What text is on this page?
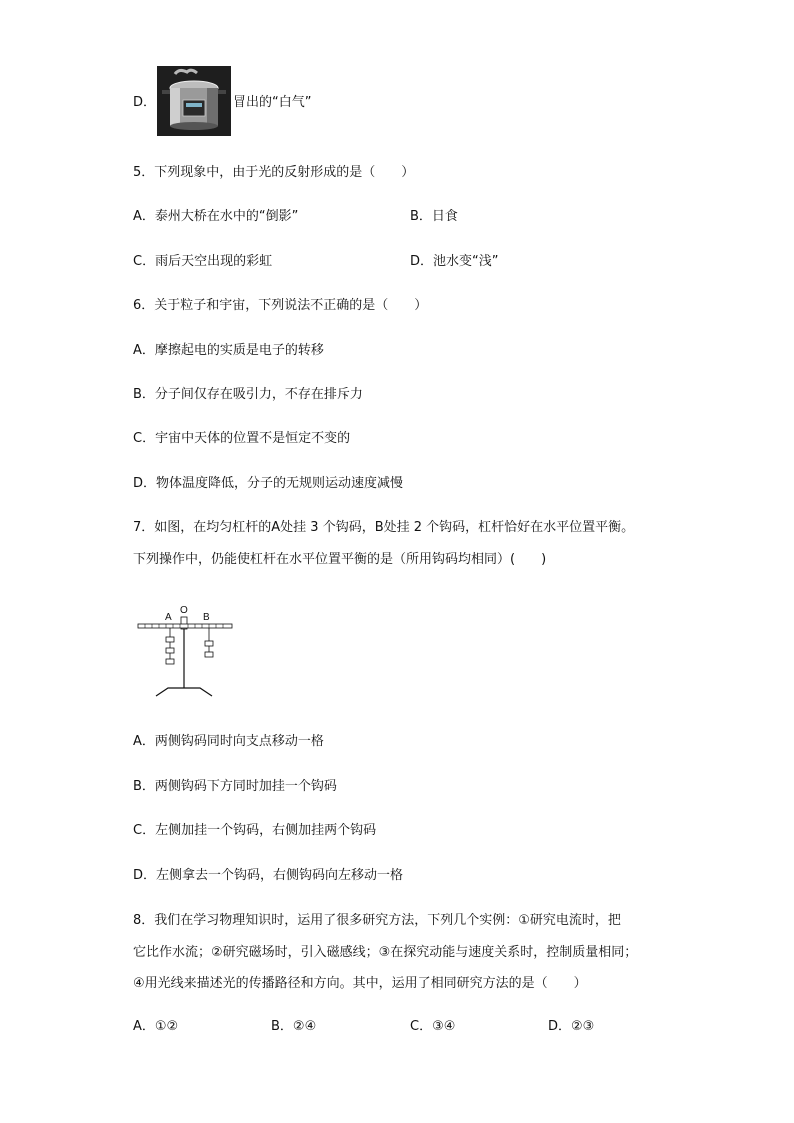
D．	冒出的“白气”
5．下列现象中，由于光的反射形成的是（　　）
A．泰州大桥在水中的“倒影”	B．日食
C．雨后天空出现的彩虹	D．池水变“浅”
6．关于粒子和宇宙，下列说法不正确的是（　　）
A．摩擦起电的实质是电子的转移
B．分子间仅存在吸引力，不存在排斥力
C．宇宙中天体的位置不是恒定不变的
D．物体温度降低，分子的无规则运动速度减慢
7．如图，在均匀杠杆的A处挂 3 个钩码，B处挂 2 个钩码，杠杆恰好在水平位置平衡。
下列操作中，仍能使杠杆在水平位置平衡的是（所用钩码均相同）(　　)
A
O
B
A．两侧钩码同时向支点移动一格
B．两侧钩码下方同时加挂一个钩码
C．左侧加挂一个钩码，右侧加挂两个钩码
D．左侧拿去一个钩码，右侧钩码向左移动一格
8．我们在学习物理知识时，运用了很多研究方法，下列几个实例：①研究电流时，把
它比作水流；②研究磁场时，引入磁感线；③在探究动能与速度关系时，控制质量相同；
④用光线来描述光的传播路径和方向。其中，运用了相同研究方法的是（　　）
A．①②	B．②④	C．③④	D．②③
